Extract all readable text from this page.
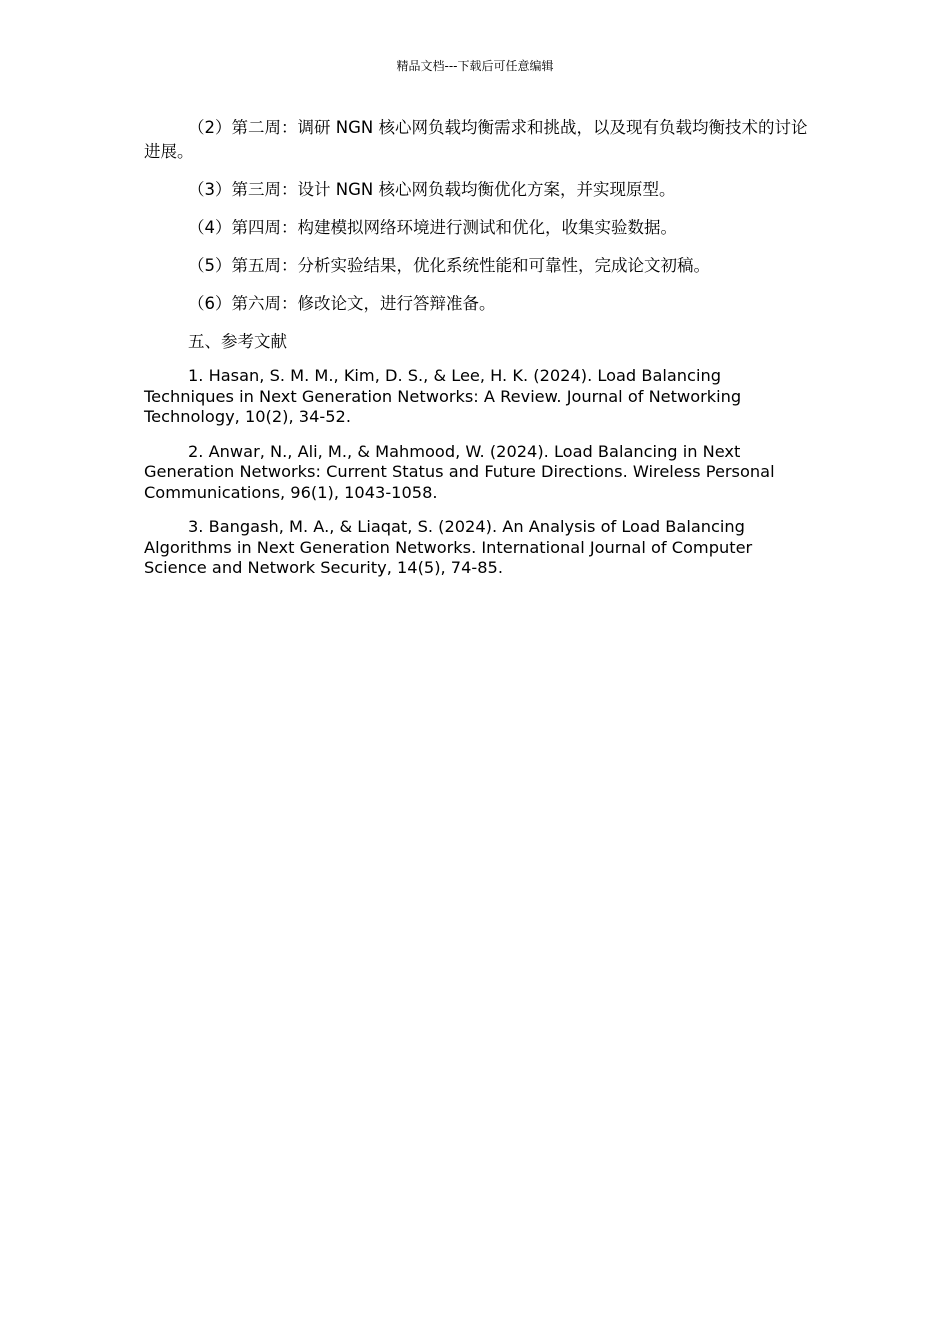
精品文档---下载后可任意编辑

（2）第二周：调研 NGN 核心网负载均衡需求和挑战，以及现有负载均衡技术的讨论进展。

（3）第三周：设计 NGN 核心网负载均衡优化方案，并实现原型。

（4）第四周：构建模拟网络环境进行测试和优化，收集实验数据。

（5）第五周：分析实验结果，优化系统性能和可靠性，完成论文初稿。

（6）第六周：修改论文，进行答辩准备。

五、参考文献

1. Hasan, S. M. M., Kim, D. S., & Lee, H. K. (2024). Load Balancing Techniques in Next Generation Networks: A Review. Journal of Networking Technology, 10(2), 34-52.

2. Anwar, N., Ali, M., & Mahmood, W. (2024). Load Balancing in Next Generation Networks: Current Status and Future Directions. Wireless Personal Communications, 96(1), 1043-1058.

3. Bangash, M. A., & Liaqat, S. (2024). An Analysis of Load Balancing Algorithms in Next Generation Networks. International Journal of Computer Science and Network Security, 14(5), 74-85.
